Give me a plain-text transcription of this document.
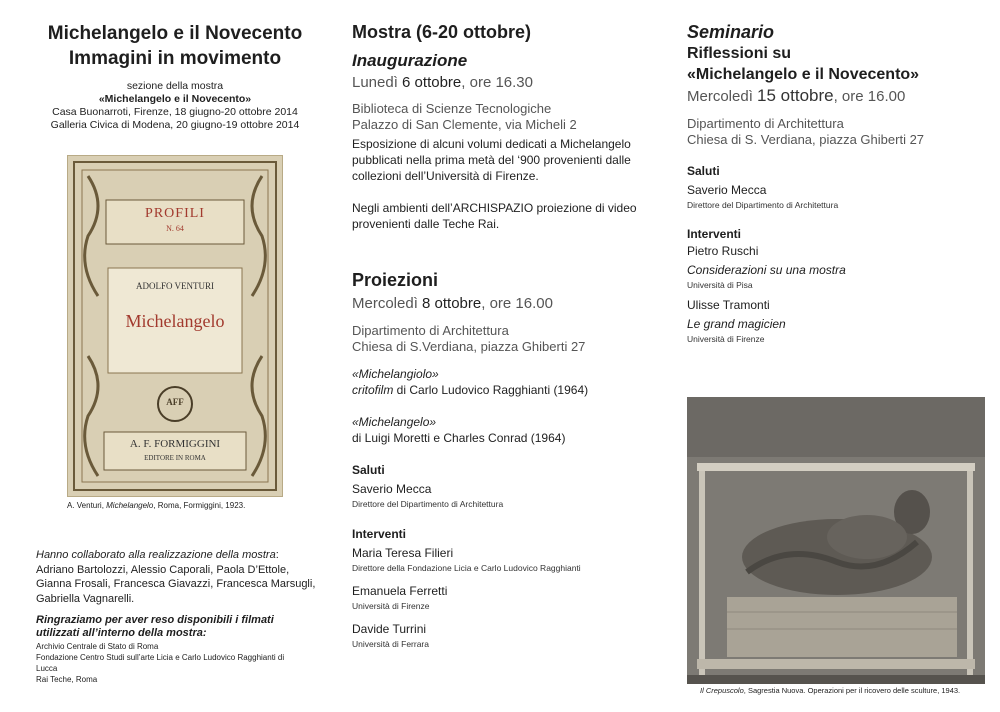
Michelangelo e il Novecento
Immagini in movimento
sezione della mostra
«Michelangelo e il Novecento»
Casa Buonarroti, Firenze, 18 giugno-20 ottobre 2014
Galleria Civica di Modena, 20 giugno-19 ottobre 2014
PROFILI
N. 64
ADOLFO VENTURI
Michelangelo
AFF
A. F. FORMIGGINI
EDITORE IN ROMA
A. Venturi, Michelangelo, Roma, Formiggini, 1923.
Hanno collaborato alla realizzazione della mostra:
Adriano Bartolozzi, Alessio Caporali, Paola D’Ettole,
Gianna Frosali, Francesca Giavazzi, Francesca Marsugli,
Gabriella Vagnarelli.
Ringraziamo per aver reso disponibili i filmati
utilizzati all’interno della mostra:
Archivio Centrale di Stato di Roma
Fondazione Centro Studi sull’arte Licia e Carlo Ludovico Ragghianti di
Lucca
Rai Teche, Roma
Mostra (6-20 ottobre)
Inaugurazione
Lunedì 6 ottobre, ore 16.30
Biblioteca di Scienze Tecnologiche
Palazzo di San Clemente, via Micheli 2
Esposizione di alcuni volumi dedicati a Michelangelo
pubblicati nella prima metà del ‘900 provenienti dalle
collezioni dell’Università di Firenze.
Negli ambienti dell’ARCHISPAZIO proiezione di video
provenienti dalle Teche Rai.
Proiezioni
Mercoledì 8 ottobre, ore 16.00
Dipartimento di Architettura
Chiesa di S.Verdiana, piazza Ghiberti 27
«Michelangiolo»
critofilm di Carlo Ludovico Ragghianti (1964)
«Michelangelo»
di Luigi Moretti e Charles Conrad (1964)
Saluti
Saverio Mecca
Direttore del Dipartimento di Architettura
Interventi
Maria Teresa Filieri
Direttore della Fondazione Licia e Carlo Ludovico Ragghianti
Emanuela Ferretti
Università di Firenze
Davide Turrini
Università di Ferrara
Seminario
Riflessioni su
«Michelangelo e il Novecento»
Mercoledì 15 ottobre, ore 16.00
Dipartimento di Architettura
Chiesa di S. Verdiana, piazza Ghiberti 27
Saluti
Saverio Mecca
Direttore del Dipartimento di Architettura
Interventi
Pietro Ruschi
Considerazioni su una mostra
Università di Pisa
Ulisse Tramonti
Le grand magicien
Università di Firenze
Il Crepuscolo, Sagrestia Nuova. Operazioni per il ricovero delle sculture, 1943.
